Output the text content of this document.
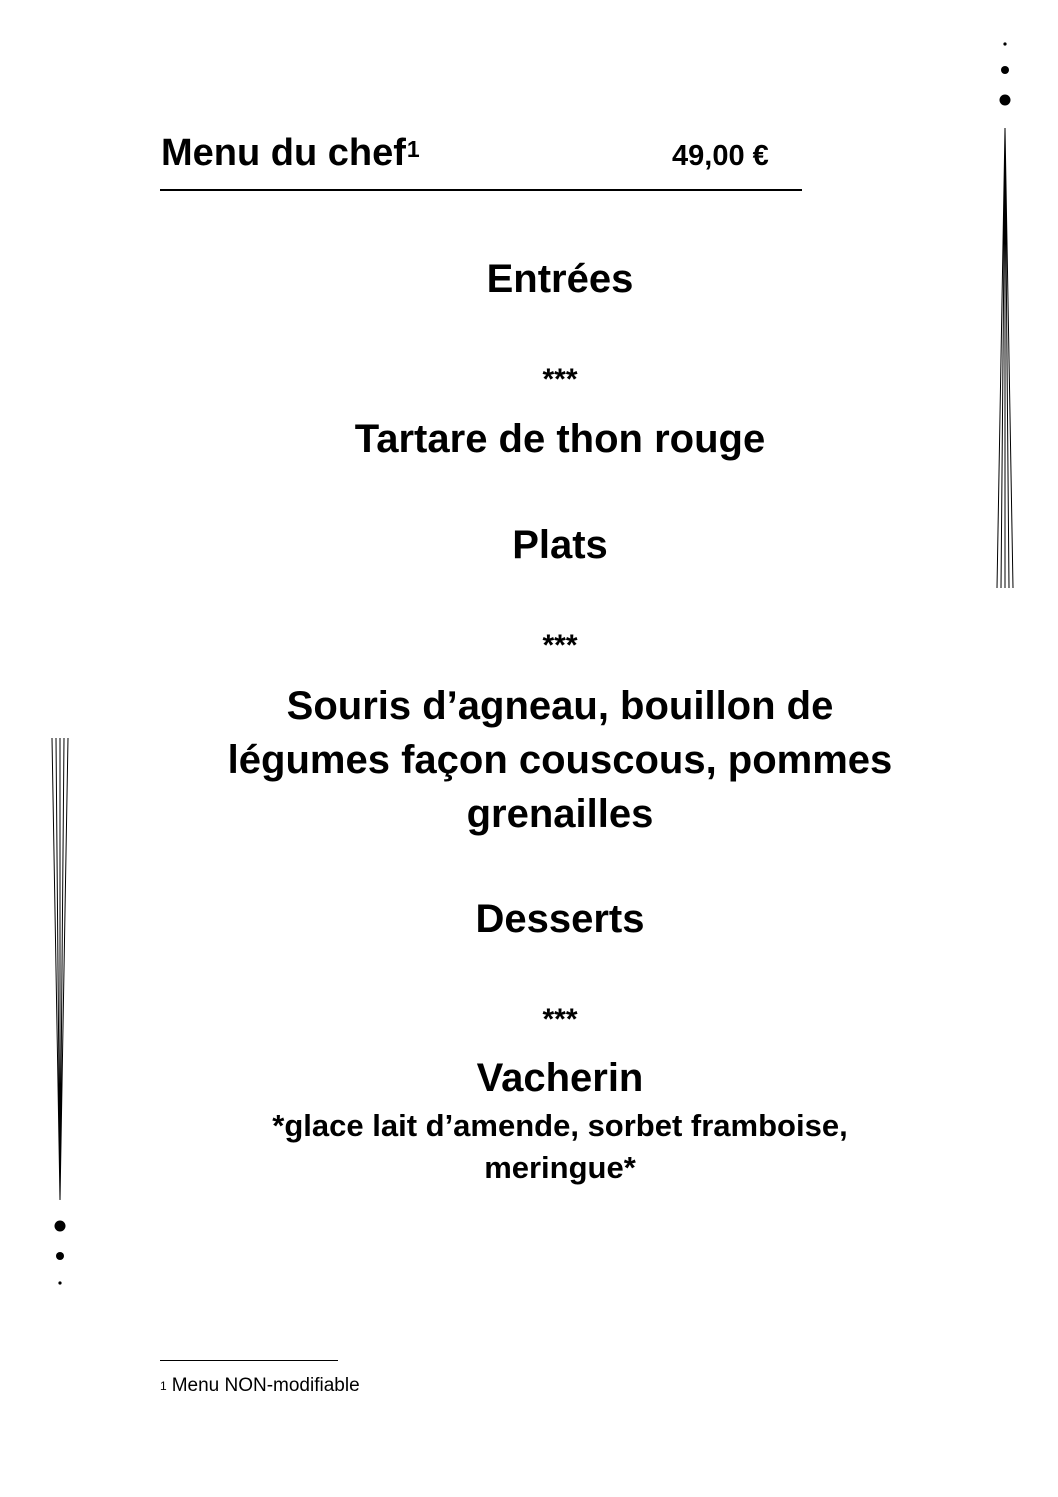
Menu du chef$^1$	49,00 €
Entrées
***
Tartare de thon rouge
Plats
***
Souris d’agneau, bouillon de
légumes façon couscous, pommes
grenailles
Desserts
***
Vacherin
*glace lait d’amende, sorbet framboise,
meringue*
$^1$ Menu NON-modifiable
